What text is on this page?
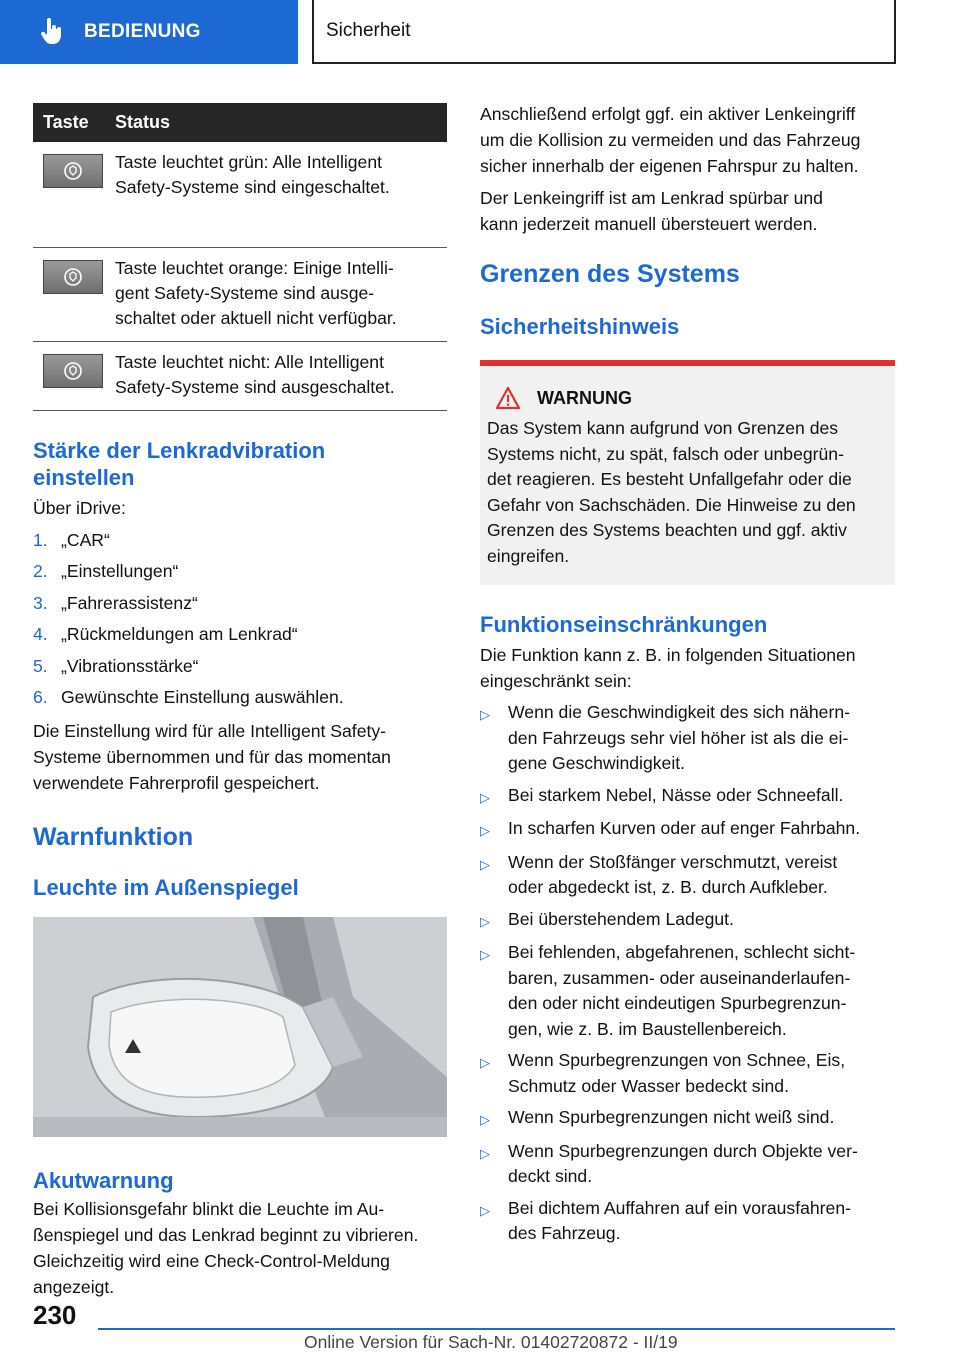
BEDIENUNG	Sicherheit
Taste	Status

Taste leuchtet grün: Alle Intelligent
Safety-Systeme sind eingeschaltet.

Taste leuchtet orange: Einige Intelli-
gent Safety-Systeme sind ausge-
schaltet oder aktuell nicht verfügbar.

Taste leuchtet nicht: Alle Intelligent
Safety-Systeme sind ausgeschaltet.
Stärke der Lenkradvibration
einstellen

Über iDrive:

1. „CAR“
2. „Einstellungen“
3. „Fahrerassistenz“
4. „Rückmeldungen am Lenkrad“
5. „Vibrationsstärke“
6. Gewünschte Einstellung auswählen.

Die Einstellung wird für alle Intelligent Safety-
Systeme übernommen und für das momentan
verwendete Fahrerprofil gespeichert.

Warnfunktion
Leuchte im Außenspiegel
Akutwarnung

Bei Kollisionsgefahr blinkt die Leuchte im Au-
ßenspiegel und das Lenkrad beginnt zu vibrieren.
Gleichzeitig wird eine Check-Control-Meldung
angezeigt.

Anschließend erfolgt ggf. ein aktiver Lenkeingriff
um die Kollision zu vermeiden und das Fahrzeug
sicher innerhalb der eigenen Fahrspur zu halten.

Der Lenkeingriff ist am Lenkrad spürbar und
kann jederzeit manuell übersteuert werden.

Grenzen des Systems
Sicherheitshinweis
WARNUNG

Das System kann aufgrund von Grenzen des
Systems nicht, zu spät, falsch oder unbegrün-
det reagieren. Es besteht Unfallgefahr oder die
Gefahr von Sachschäden. Die Hinweise zu den
Grenzen des Systems beachten und ggf. aktiv
eingreifen.

Funktionseinschränkungen

Die Funktion kann z. B. in folgenden Situationen
eingeschränkt sein:

▷	Wenn die Geschwindigkeit des sich nähern-
den Fahrzeugs sehr viel höher ist als die ei-
gene Geschwindigkeit.
▷	Bei starkem Nebel, Nässe oder Schneefall.
▷	In scharfen Kurven oder auf enger Fahrbahn.
▷	Wenn der Stoßfänger verschmutzt, vereist
oder abgedeckt ist, z. B. durch Aufkleber.
▷	Bei überstehendem Ladegut.
▷	Bei fehlenden, abgefahrenen, schlecht sicht-
baren, zusammen- oder auseinanderlaufen-
den oder nicht eindeutigen Spurbegrenzun-
gen, wie z. B. im Baustellenbereich.
▷	Wenn Spurbegrenzungen von Schnee, Eis,
Schmutz oder Wasser bedeckt sind.
▷	Wenn Spurbegrenzungen nicht weiß sind.
▷	Wenn Spurbegrenzungen durch Objekte ver-
deckt sind.
▷	Bei dichtem Auffahren auf ein vorausfahren-
des Fahrzeug.
230
Online Version für Sach-Nr. 01402720872 - II/19
